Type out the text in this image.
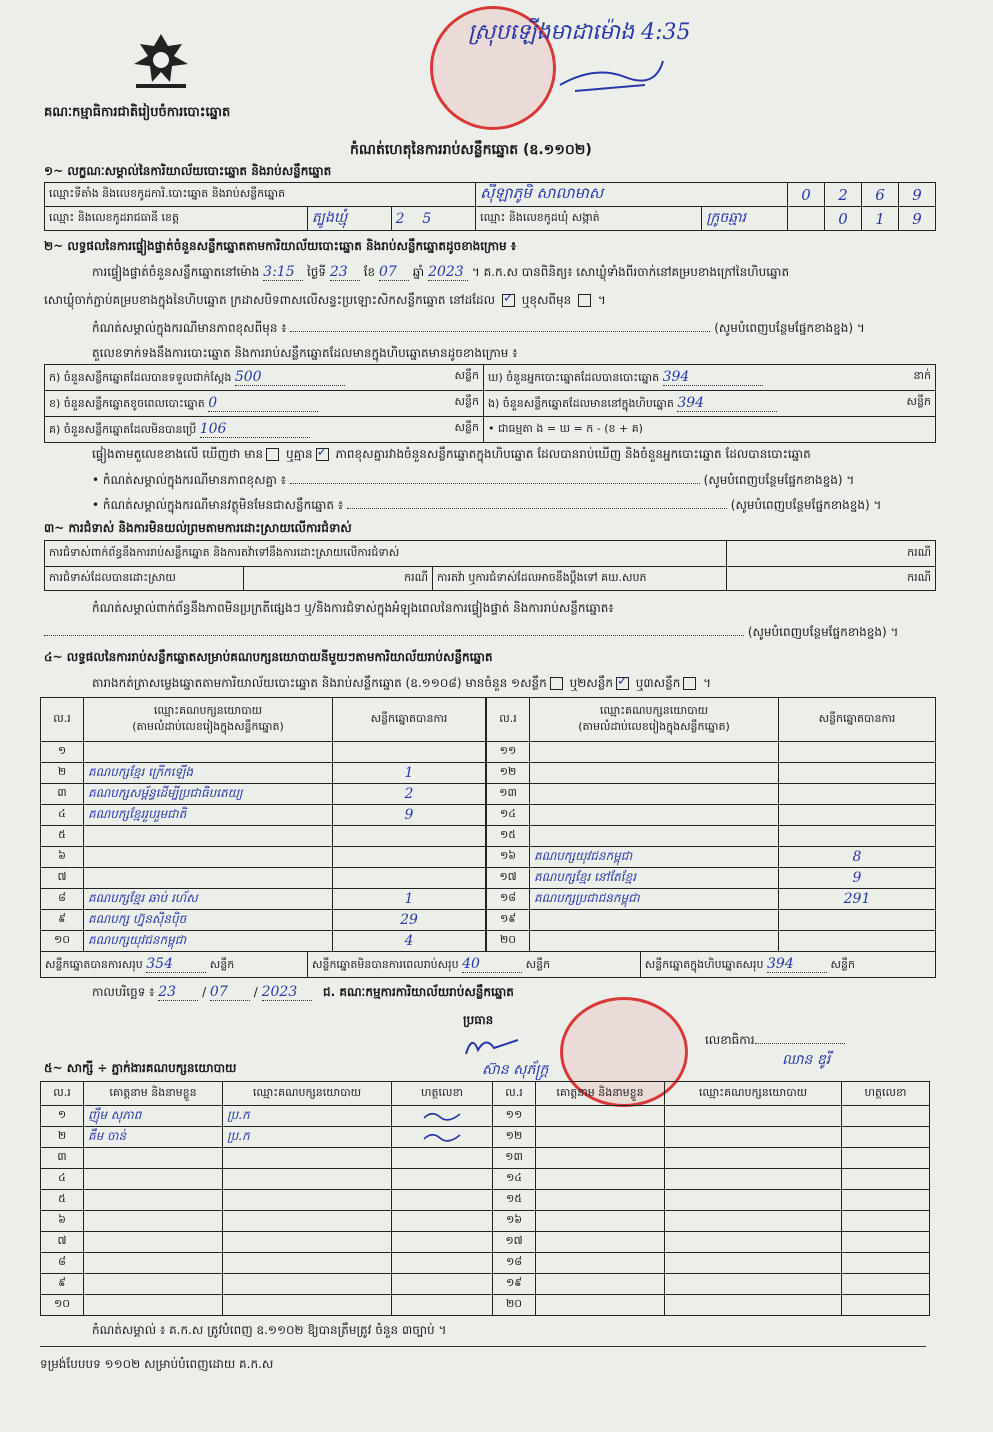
គណៈកម្មាធិការជាតិរៀបចំការបោះឆ្នោត
កំណត់ហេតុនៃការរាប់សន្លឹកឆ្នោត (ឧ.១១០២)
ស្រុបឡើងមាដាម៉ោង 4:35
១~ លក្ខណៈសម្គាល់នៃការិយាល័យបោះឆ្នោត និងរាប់សន្លឹកឆ្នោត
ឈ្មោះទីតាំង និងលេខកូដការិ.បោះឆ្នោត និងរាប់សន្លឹកឆ្នោត			ស៊ីឡាភូមិ សាលាមាស		0	2	6	9
ឈ្មោះ និងលេខកូដរាជធានី ខេត្ត	ត្បូងឃ្មុំ	2 5	ឈ្មោះ និងលេខកូដឃុំ សង្កាត់	ក្រូចឆ្មារ		0	1	9
២~ លទ្ធផលនៃការផ្ទៀងផ្ទាត់ចំនួនសន្លឹកឆ្នោតតាមការិយាល័យបោះឆ្នោត និងរាប់សន្លឹកឆ្នោតដូចខាងក្រោម ៖
ការផ្ទៀងផ្ទាត់ចំនួនសន្លឹកឆ្នោតនៅម៉ោង 3:15 ថ្ងៃទី 23 ខែ 07 ឆ្នាំ 2023 ។ គ.ក.ស បានពិនិត្យ៖ សោឃ្លុំទាំងពីរចាក់នៅគម្របខាងក្រៅនៃហិបឆ្នោត
សោឃ្លុំចាក់ភ្ជាប់គម្របខាងក្នុងនៃហិបឆ្នោត ក្រដាសបិទពាសលើសន្ទះប្រឡោះសិកសន្លឹកឆ្នោត នៅដដែល ✓ ឬខុសពីមុន  ។
កំណត់សម្គាល់ក្នុងករណីមានភាពខុសពីមុន ៖	(សូមបំពេញបន្ថែមផ្នែកខាងខ្នង) ។
តួលេខទាក់ទងនឹងការបោះឆ្នោត និងការរាប់សន្លឹកឆ្នោតដែលមានក្នុងហិបឆ្នោតមានដូចខាងក្រោម ៖
ក) ចំនួនសន្លឹកឆ្នោតដែលបានទទួលជាក់ស្តែង 500 សន្លឹក	ឃ) ចំនួនអ្នកបោះឆ្នោតដែលបានបោះឆ្នោត 394 នាក់

ខ) ចំនួនសន្លឹកឆ្នោតខូចពេលបោះឆ្នោត 0 សន្លឹក	ង) ចំនួនសន្លឹកឆ្នោតដែលមាននៅក្នុងហិបឆ្នោត 394 សន្លឹក

គ) ចំនួនសន្លឹកឆ្នោតដែលមិនបានប្រើ 106 សន្លឹក	• ជាធម្មតា ង = ឃ = ក - (ខ + គ)
ផ្ទៀងតាមតួលេខខាងលើ ឃើញថា មាន ឬគ្មាន ✓ ភាពខុសគ្នារវាងចំនួនសន្លឹកឆ្នោតក្នុងហិបឆ្នោត ដែលបានរាប់ឃើញ និងចំនួនអ្នកបោះឆ្នោត ដែលបានបោះឆ្នោត
• កំណត់សម្គាល់ក្នុងករណីមានភាពខុសគ្នា ៖	(សូមបំពេញបន្ថែមផ្នែកខាងខ្នង) ។
• កំណត់សម្គាល់ក្នុងករណីមានវត្ថុមិនមែនជាសន្លឹកឆ្នោត ៖	(សូមបំពេញបន្ថែមផ្នែកខាងខ្នង) ។
៣~ ការជំទាស់ និងការមិនយល់ព្រមតាមការដោះស្រាយលើការជំទាស់
ការជំទាស់ពាក់ព័ន្ធនឹងការរាប់សន្លឹកឆ្នោត និងការតវ៉ាទៅនឹងការដោះស្រាយលើការជំទាស់			ករណី
ការជំទាស់ដែលបានដោះស្រាយ	ករណី	ការតវ៉ា ឬការជំទាស់ដែលអាចនឹងប្តឹងទៅ គឃ.សបភ	ករណី
កំណត់សម្គាល់ពាក់ព័ន្ធនឹងភាពមិនប្រក្រតីផ្សេងៗ ឬ/និងការជំទាស់ក្នុងអំឡុងពេលនៃការផ្ទៀងផ្ទាត់ និងការរាប់សន្លឹកឆ្នោត៖
(សូមបំពេញបន្ថែមផ្នែកខាងខ្នង) ។
៤~ លទ្ធផលនៃការរាប់សន្លឹកឆ្នោតសម្រាប់គណបក្សនយោបាយនីមួយៗតាមការិយាល័យរាប់សន្លឹកឆ្នោត
តារាងកត់ត្រាសម្លេងឆ្នោតតាមការិយាល័យបោះឆ្នោត និងរាប់សន្លឹកឆ្នោត (ឧ.១១០៨) មានចំនួន ១សន្លឹក ឬ២សន្លឹក ✓ ឬ៣សន្លឹក ។
ល.រ	ឈ្មោះគណបក្សនយោបាយ
(តាមលំដាប់លេខរៀងក្នុងសន្លឹកឆ្នោត)	សន្លឹកឆ្នោតបានការ
១		
២	គណបក្សខ្មែរ ក្រើកឡើង	1
៣	គណបក្សសម្ព័ន្ធដើម្បីប្រជាធិបតេយ្យ	2
៤	គណបក្សខ្មែររួបរួមជាតិ	9
៥		
៦		
៧		
៨	គណបក្សខ្មែរ ឆាប់ រហ័ស	1
៩	គណបក្ស ហ្វ៊ុនស៊ិនប៉ិច	29
១០	គណបក្សយុវជនកម្ពុជា	4
ល.រ	ឈ្មោះគណបក្សនយោបាយ
(តាមលំដាប់លេខរៀងក្នុងសន្លឹកឆ្នោត)	សន្លឹកឆ្នោតបានការ
១១		
១២		
១៣		
១៤		
១៥		
១៦	គណបក្សយុវជនកម្ពុជា	8
១៧	គណបក្សខ្មែរ នៅតែខ្មែរ	9
១៨	គណបក្សប្រជាជនកម្ពុជា	291
១៩		
២០		
សន្លឹកឆ្នោតបានការសរុប 354	សន្លឹក	សន្លឹកឆ្នោតមិនបានការពេលរាប់សរុប 40	សន្លឹក	សន្លឹកឆ្នោតក្នុងហិបឆ្នោតសរុប 394	សន្លឹក
កាលបរិច្ឆេទ ៖ 23 / 07 / 2023 ជ. គណៈកម្មការការិយាល័យរាប់សន្លឹកឆ្នោត
ប្រធាន
ស៊ាន សុភ័ក្ត្រ
លេខាធិការ
ឈាន ឌូរី
៥~ សាក្សី ÷ ភ្នាក់ងារគណបក្សនយោបាយ
ល.រ	គោត្តនាម និងនាមខ្លួន	ឈ្មោះគណបក្សនយោបាយ	ហត្ថលេខា	ល.រ	គោត្តនាម និងនាមខ្លួន	ឈ្មោះគណបក្សនយោបាយ	ហត្ថលេខា
១	ញ៉ឹម សុភាព	ប្រ.ក		១១			
២	គឹម ចាន់	ប្រ.ក		១២			
៣				១៣			
៤				១៤			
៥				១៥			
៦				១៦			
៧				១៧			
៨				១៨			
៩				១៩			
១០				២០			
កំណត់សម្គាល់ ៖ គ.ក.ស ត្រូវបំពេញ ឧ.១១០២ ឱ្យបានត្រឹមត្រូវ ចំនួន ៣ច្បាប់ ។
ទម្រង់បែបបទ ១១០២ សម្រាប់បំពេញដោយ គ.ក.ស
